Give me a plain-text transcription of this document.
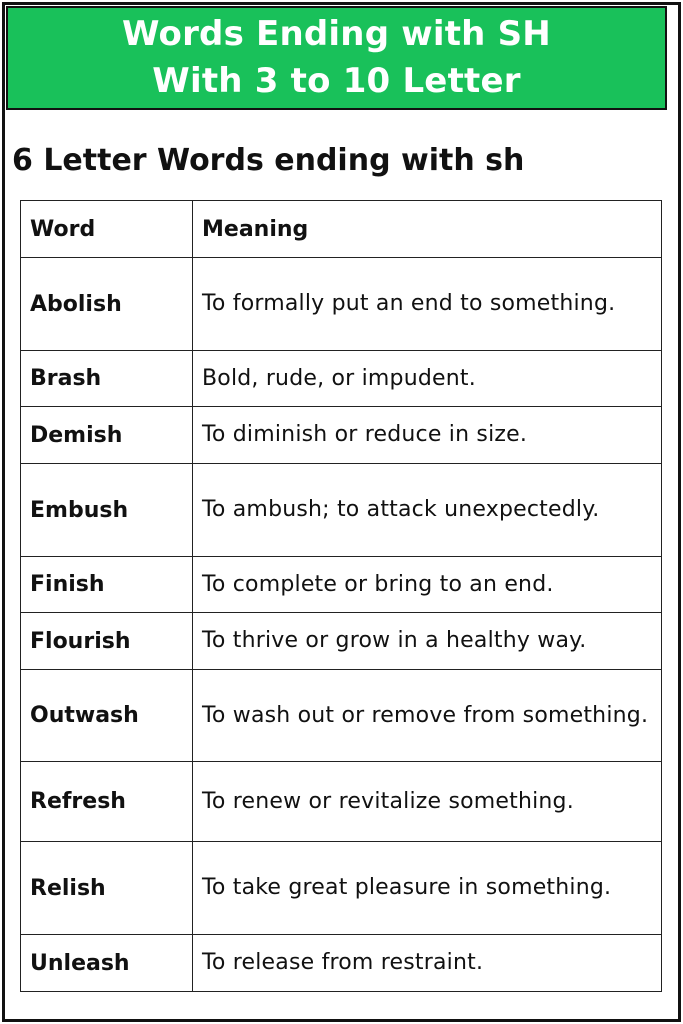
Words Ending with SH
With 3 to 10 Letter
6 Letter Words ending with sh
Word	Meaning
Abolish	To formally put an end to something.
Brash	Bold, rude, or impudent.
Demish	To diminish or reduce in size.
Embush	To ambush; to attack unexpectedly.
Finish	To complete or bring to an end.
Flourish	To thrive or grow in a healthy way.
Outwash	To wash out or remove from something.
Refresh	To renew or revitalize something.
Relish	To take great pleasure in something.
Unleash	To release from restraint.
